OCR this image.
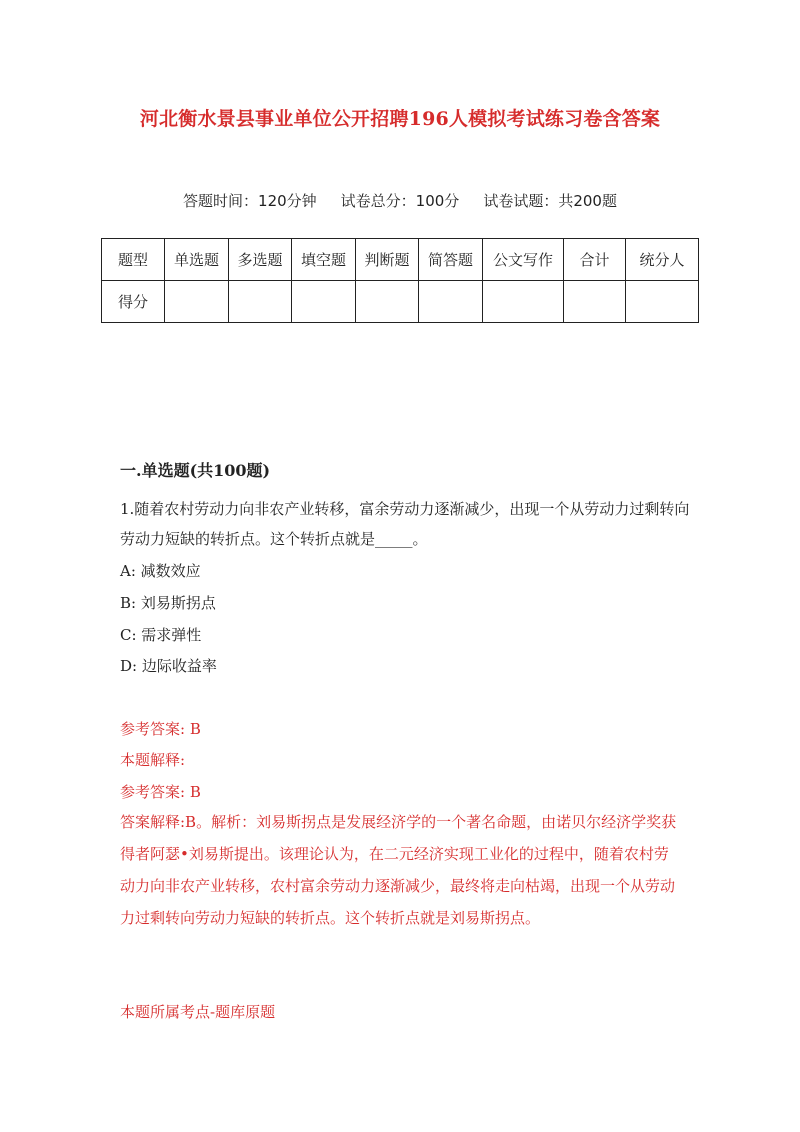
河北衡水景县事业单位公开招聘196人模拟考试练习卷含答案
答题时间：120分钟 试卷总分：100分 试卷试题：共200题
题型	单选题	多选题	填空题	判断题	简答题	公文写作	合计	统分人
得分								
一.单选题(共100题)
1.随着农村劳动力向非农产业转移，富余劳动力逐渐减少，出现一个从劳动力过剩转向劳动力短缺的转折点。这个转折点就是_____。
A: 减数效应
B: 刘易斯拐点
C: 需求弹性
D: 边际收益率
参考答案: B
本题解释:
参考答案: B
答案解释:B。解析：刘易斯拐点是发展经济学的一个著名命题，由诺贝尔经济学奖获得者阿瑟•刘易斯提出。该理论认为，在二元经济实现工业化的过程中，随着农村劳动力向非农产业转移，农村富余劳动力逐渐减少，最终将走向枯竭，出现一个从劳动力过剩转向劳动力短缺的转折点。这个转折点就是刘易斯拐点。
本题所属考点-题库原题
